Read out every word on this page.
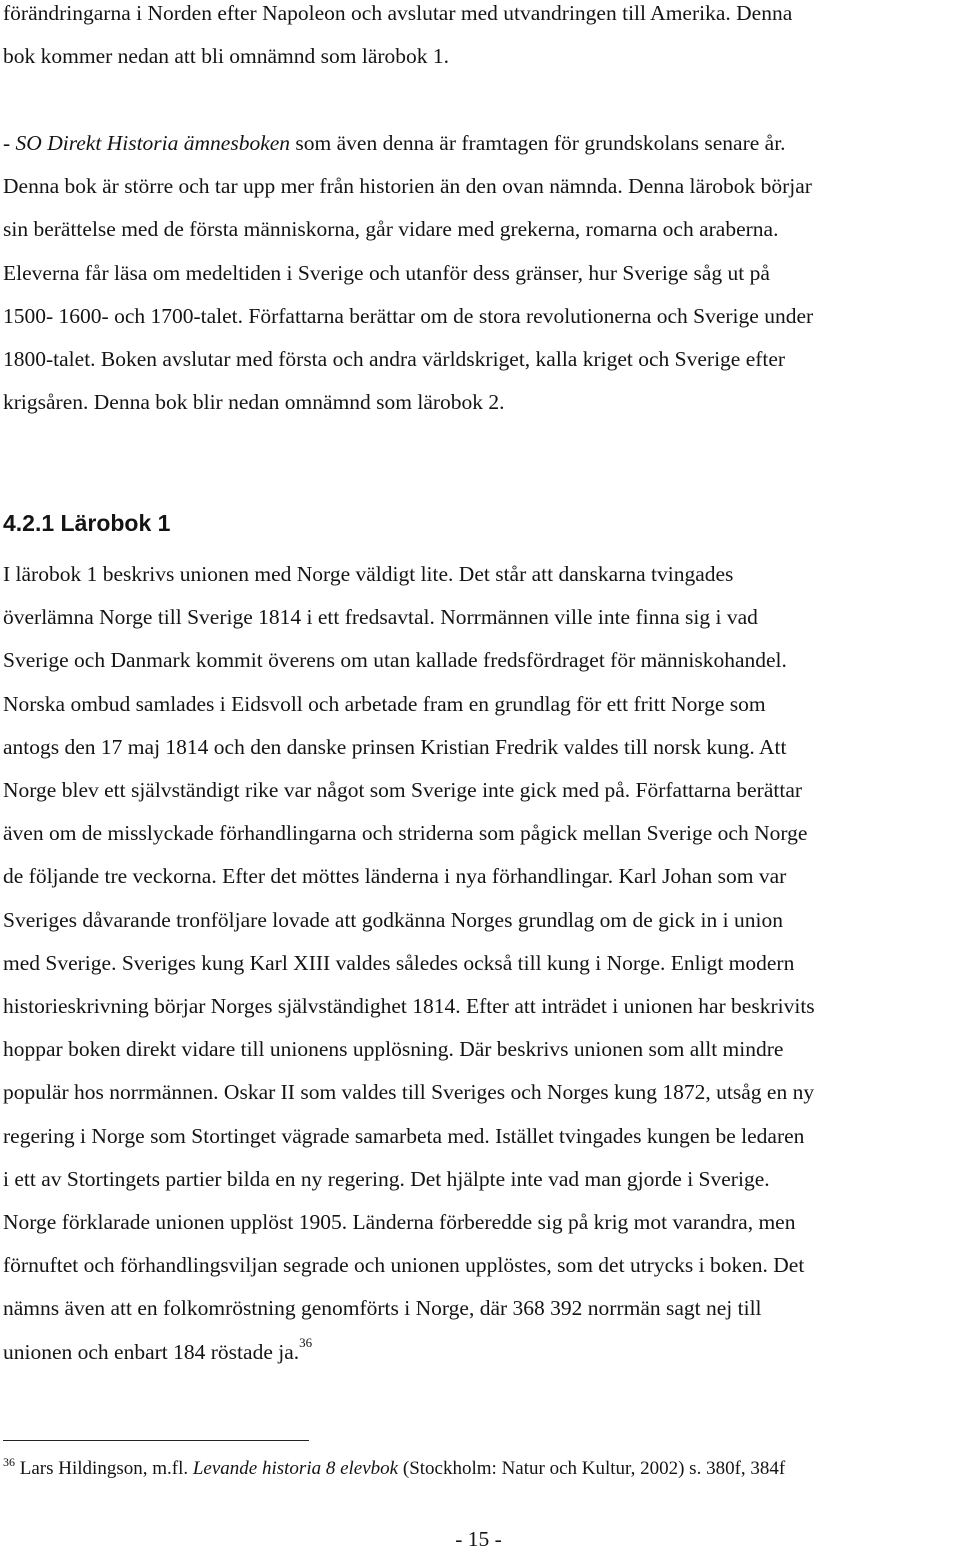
förändringarna i Norden efter Napoleon och avslutar med utvandringen till Amerika. Denna
bok kommer nedan att bli omnämnd som lärobok 1.

- SO Direkt Historia ämnesboken som även denna är framtagen för grundskolans senare år.
Denna bok är större och tar upp mer från historien än den ovan nämnda. Denna lärobok börjar
sin berättelse med de första människorna, går vidare med grekerna, romarna och araberna.
Eleverna får läsa om medeltiden i Sverige och utanför dess gränser, hur Sverige såg ut på
1500- 1600- och 1700-talet. Författarna berättar om de stora revolutionerna och Sverige under
1800-talet. Boken avslutar med första och andra världskriget, kalla kriget och Sverige efter
krigsåren. Denna bok blir nedan omnämnd som lärobok 2.

4.2.1 Lärobok 1

I lärobok 1 beskrivs unionen med Norge väldigt lite. Det står att danskarna tvingades
överlämna Norge till Sverige 1814 i ett fredsavtal. Norrmännen ville inte finna sig i vad
Sverige och Danmark kommit överens om utan kallade fredsfördraget för människohandel.
Norska ombud samlades i Eidsvoll och arbetade fram en grundlag för ett fritt Norge som
antogs den 17 maj 1814 och den danske prinsen Kristian Fredrik valdes till norsk kung. Att
Norge blev ett självständigt rike var något som Sverige inte gick med på. Författarna berättar
även om de misslyckade förhandlingarna och striderna som pågick mellan Sverige och Norge
de följande tre veckorna. Efter det möttes länderna i nya förhandlingar. Karl Johan som var
Sveriges dåvarande tronföljare lovade att godkänna Norges grundlag om de gick in i union
med Sverige. Sveriges kung Karl XIII valdes således också till kung i Norge. Enligt modern
historieskrivning börjar Norges självständighet 1814. Efter att inträdet i unionen har beskrivits
hoppar boken direkt vidare till unionens upplösning. Där beskrivs unionen som allt mindre
populär hos norrmännen. Oskar II som valdes till Sveriges och Norges kung 1872, utsåg en ny
regering i Norge som Stortinget vägrade samarbeta med. Istället tvingades kungen be ledaren
i ett av Stortingets partier bilda en ny regering. Det hjälpte inte vad man gjorde i Sverige.
Norge förklarade unionen upplöst 1905. Länderna förberedde sig på krig mot varandra, men
förnuftet och förhandlingsviljan segrade och unionen upplöstes, som det utrycks i boken. Det
nämns även att en folkomröstning genomförts i Norge, där 368 392 norrmän sagt nej till
unionen och enbart 184 röstade ja.$^{36}$

$^{36}$ Lars Hildingson, m.fl. Levande historia 8 elevbok (Stockholm: Natur och Kultur, 2002) s. 380f, 384f

- 15 -
